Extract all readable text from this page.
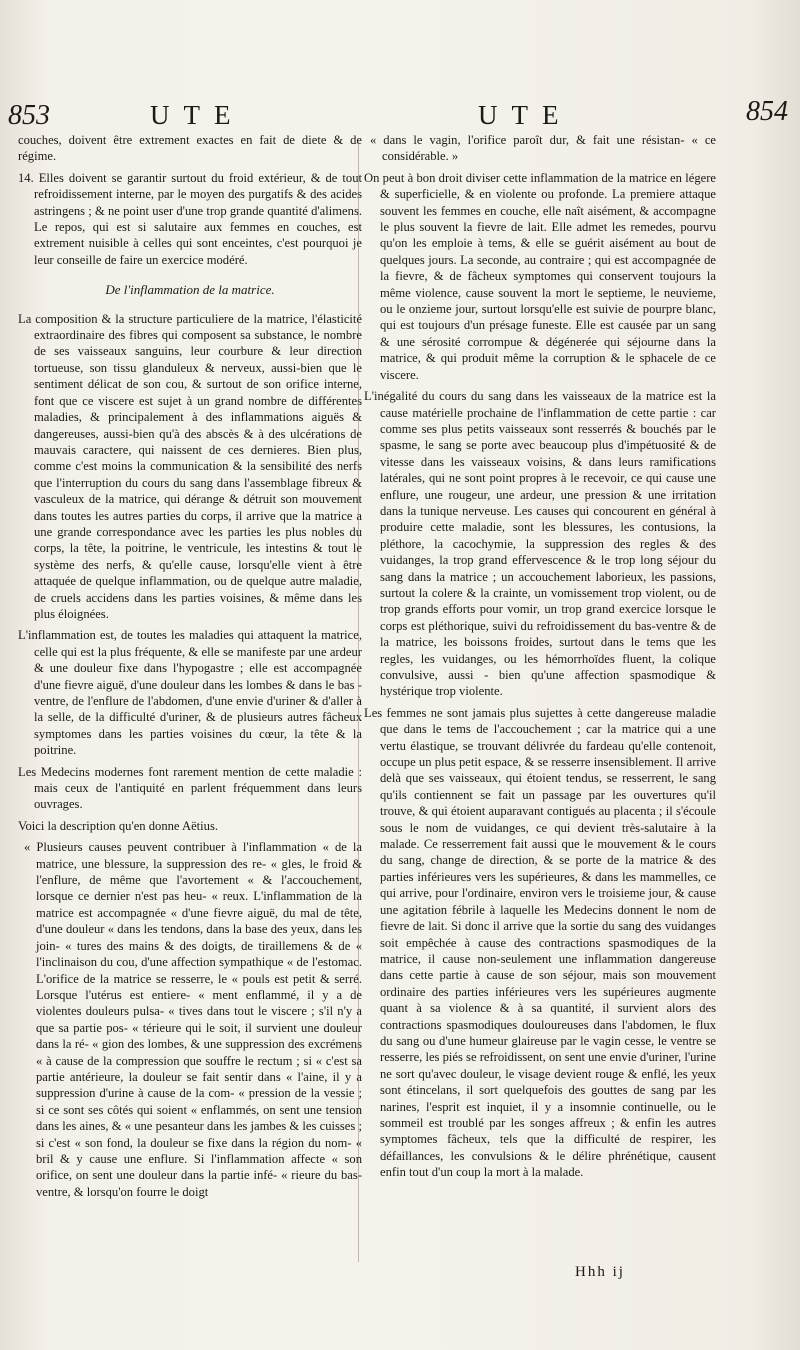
853	UTE	UTE	854

couches, doivent être extrement exactes en fait de diete & de régime.

14. Elles doivent se garantir surtout du froid extérieur, & de tout refroidissement interne, par le moyen des purgatifs & des acides astringens ; & ne point user d'une trop grande quantité d'alimens. Le repos, qui est si salutaire aux femmes en couches, est extrement nuisible à celles qui sont enceintes, c'est pourquoi je leur conseille de faire un exercice modéré.

De l'inflammation de la matrice.

La composition & la structure particuliere de la matrice, l'élasticité extraordinaire des fibres qui composent sa substance, le nombre de ses vaisseaux sanguins, leur courbure & leur direction tortueuse, son tissu glanduleux & nerveux, aussi-bien que le sentiment délicat de son cou, & surtout de son orifice interne, font que ce viscere est sujet à un grand nombre de différentes maladies, & principalement à des inflammations aiguës & dangereuses, aussi-bien qu'à des abscès & à des ulcérations de mauvais caractere, qui naissent de ces dernieres. Bien plus, comme c'est moins la communication & la sensibilité des nerfs que l'interruption du cours du sang dans l'assemblage fibreux & vasculeux de la matrice, qui dérange & détruit son mouvement dans toutes les autres parties du corps, il arrive que la matrice a une grande correspondance avec les parties les plus nobles du corps, la tête, la poitrine, le ventricule, les intestins & tout le système des nerfs, & qu'elle cause, lorsqu'elle vient à être attaquée de quelque inflammation, ou de quelque autre maladie, de cruels accidens dans les parties voisines, & même dans les plus éloignées.

L'inflammation est, de toutes les maladies qui attaquent la matrice, celle qui est la plus fréquente, & elle se manifeste par une ardeur & une douleur fixe dans l'hypogastre ; elle est accompagnée d'une fievre aiguë, d'une douleur dans les lombes & dans le bas - ventre, de l'enflure de l'abdomen, d'une envie d'uriner & d'aller à la selle, de la difficulté d'uriner, & de plusieurs autres fâcheux symptomes dans les parties voisines du cœur, la tête & la poitrine.

Les Medecins modernes font rarement mention de cette maladie : mais ceux de l'antiquité en parlent fréquemment dans leurs ouvrages.

Voici la description qu'en donne Aëtius.

« Plusieurs causes peuvent contribuer à l'inflammation « de la matrice, une blessure, la suppression des re- « gles, le froid & l'enflure, de même que l'avortement « & l'accouchement, lorsque ce dernier n'est pas heu- « reux. L'inflammation de la matrice est accompagnée « d'une fievre aiguë, du mal de tête, d'une douleur « dans les tendons, dans la base des yeux, dans les join- « tures des mains & des doigts, de tiraillemens & de « l'inclinaison du cou, d'une affection sympathique « de l'estomac. L'orifice de la matrice se resserre, le « pouls est petit & serré. Lorsque l'utérus est entiere- « ment enflammé, il y a de violentes douleurs pulsa- « tives dans tout le viscere ; s'il n'y a que sa partie pos- « térieure qui le soit, il survient une douleur dans la ré- « gion des lombes, & une suppression des excrémens « à cause de la compression que souffre le rectum ; si « c'est sa partie antérieure, la douleur se fait sentir dans « l'aine, il y a suppression d'urine à cause de la com- « pression de la vessie ; si ce sont ses côtés qui soient « enflammés, on sent une tension dans les aines, & « une pesanteur dans les jambes & les cuisses ; si c'est « son fond, la douleur se fixe dans la région du nom- « bril & y cause une enflure. Si l'inflammation affecte « son orifice, on sent une douleur dans la partie infé- « rieure du bas-ventre, & lorsqu'on fourre le doigt

« dans le vagin, l'orifice paroît dur, & fait une résistan- « ce considérable. »

On peut à bon droit diviser cette inflammation de la matrice en légere & superficielle, & en violente ou profonde. La premiere attaque souvent les femmes en couche, elle naît aisément, & accompagne le plus souvent la fievre de lait. Elle admet les remedes, pourvu qu'on les emploie à tems, & elle se guérit aisément au bout de quelques jours. La seconde, au contraire ; qui est accompagnée de la fievre, & de fâcheux symptomes qui conservent toujours la même violence, cause souvent la mort le septieme, le neuvieme, ou le onzieme jour, surtout lorsqu'elle est suivie de pourpre blanc, qui est toujours d'un présage funeste. Elle est causée par un sang & une sérosité corrompue & dégénerée qui séjourne dans la matrice, & qui produit même la corruption & le sphacele de ce viscere.

L'inégalité du cours du sang dans les vaisseaux de la matrice est la cause matérielle prochaine de l'inflammation de cette partie : car comme ses plus petits vaisseaux sont resserrés & bouchés par le spasme, le sang se porte avec beaucoup plus d'impétuosité & de vitesse dans les vaisseaux voisins, & dans leurs ramifications latérales, qui ne sont point propres à le recevoir, ce qui cause une enflure, une rougeur, une ardeur, une pression & une irritation dans la tunique nerveuse. Les causes qui concourent en général à produire cette maladie, sont les blessures, les contusions, la pléthore, la cacochymie, la suppression des regles & des vuidanges, la trop grand effervescence & le trop long séjour du sang dans la matrice ; un accouchement laborieux, les passions, surtout la colere & la crainte, un vomissement trop violent, ou de trop grands efforts pour vomir, un trop grand exercice lorsque le corps est pléthorique, suivi du refroidissement du bas-ventre & de la matrice, les boissons froides, surtout dans le tems que les regles, les vuidanges, ou les hémorrhoïdes fluent, la colique convulsive, aussi - bien qu'une affection spasmodique & hystérique trop violente.

Les femmes ne sont jamais plus sujettes à cette dangereuse maladie que dans le tems de l'accouchement ; car la matrice qui a une vertu élastique, se trouvant délivrée du fardeau qu'elle contenoit, occupe un plus petit espace, & se resserre insensiblement. Il arrive delà que ses vaisseaux, qui étoient tendus, se resserrent, le sang qu'ils contiennent se fait un passage par les ouvertures qu'il trouve, & qui étoient auparavant contigués au placenta ; il s'écoule sous le nom de vuidanges, ce qui devient très-salutaire à la malade. Ce resserrement fait aussi que le mouvement & le cours du sang, change de direction, & se porte de la matrice & des parties inférieures vers les supérieures, & dans les mammelles, ce qui arrive, pour l'ordinaire, environ vers le troisieme jour, & cause une agitation fébrile à laquelle les Medecins donnent le nom de fievre de lait. Si donc il arrive que la sortie du sang des vuidanges soit empêchée à cause des contractions spasmodiques de la matrice, il cause non-seulement une inflammation dangereuse dans cette partie à cause de son séjour, mais son mouvement ordinaire des parties inférieures vers les supérieures augmente quant à sa violence & à sa quantité, il survient alors des contractions spasmodiques douloureuses dans l'abdomen, le flux du sang ou d'une humeur glaireuse par le vagin cesse, le ventre se resserre, les piés se refroidissent, on sent une envie d'uriner, l'urine ne sort qu'avec douleur, le visage devient rouge & enflé, les yeux sont étincelans, il sort quelquefois des gouttes de sang par les narines, l'esprit est inquiet, il y a insomnie continuelle, ou le sommeil est troublé par les songes affreux ; & enfin les autres symptomes fâcheux, tels que la difficulté de respirer, les défaillances, les convulsions & le délire phrénétique, causent enfin tout d'un coup la mort à la malade.

Hhh ij
